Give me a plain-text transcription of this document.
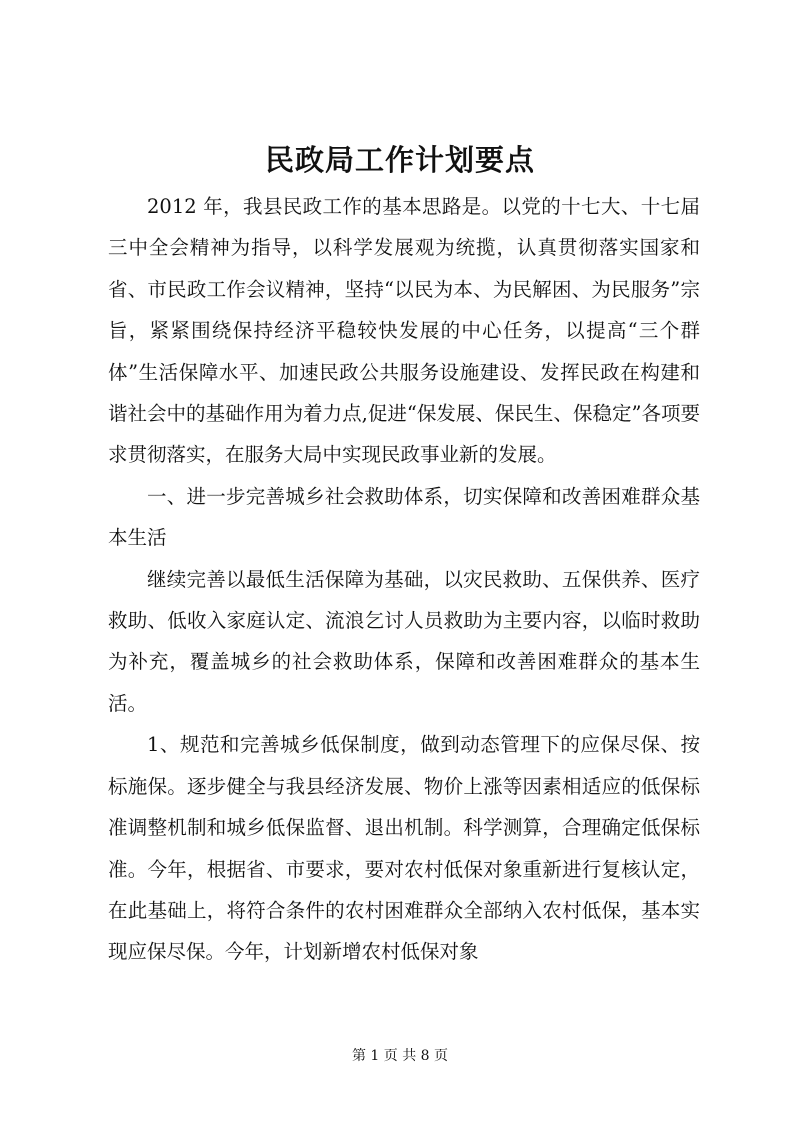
民政局工作计划要点

2012 年，我县民政工作的基本思路是。以党的十七大、十七届三中全会精神为指导，以科学发展观为统揽，认真贯彻落实国家和省、市民政工作会议精神，坚持“以民为本、为民解困、为民服务”宗旨，紧紧围绕保持经济平稳较快发展的中心任务，以提高“三个群体”生活保障水平、加速民政公共服务设施建设、发挥民政在构建和谐社会中的基础作用为着力点,促进“保发展、保民生、保稳定”各项要求贯彻落实，在服务大局中实现民政事业新的发展。

一、进一步完善城乡社会救助体系，切实保障和改善困难群众基本生活

继续完善以最低生活保障为基础，以灾民救助、五保供养、医疗救助、低收入家庭认定、流浪乞讨人员救助为主要内容，以临时救助为补充，覆盖城乡的社会救助体系，保障和改善困难群众的基本生活。

1、规范和完善城乡低保制度，做到动态管理下的应保尽保、按标施保。逐步健全与我县经济发展、物价上涨等因素相适应的低保标准调整机制和城乡低保监督、退出机制。科学测算，合理确定低保标准。今年，根据省、市要求，要对农村低保对象重新进行复核认定，在此基础上，将符合条件的农村困难群众全部纳入农村低保，基本实现应保尽保。今年，计划新增农村低保对象

第 1 页 共 8 页
